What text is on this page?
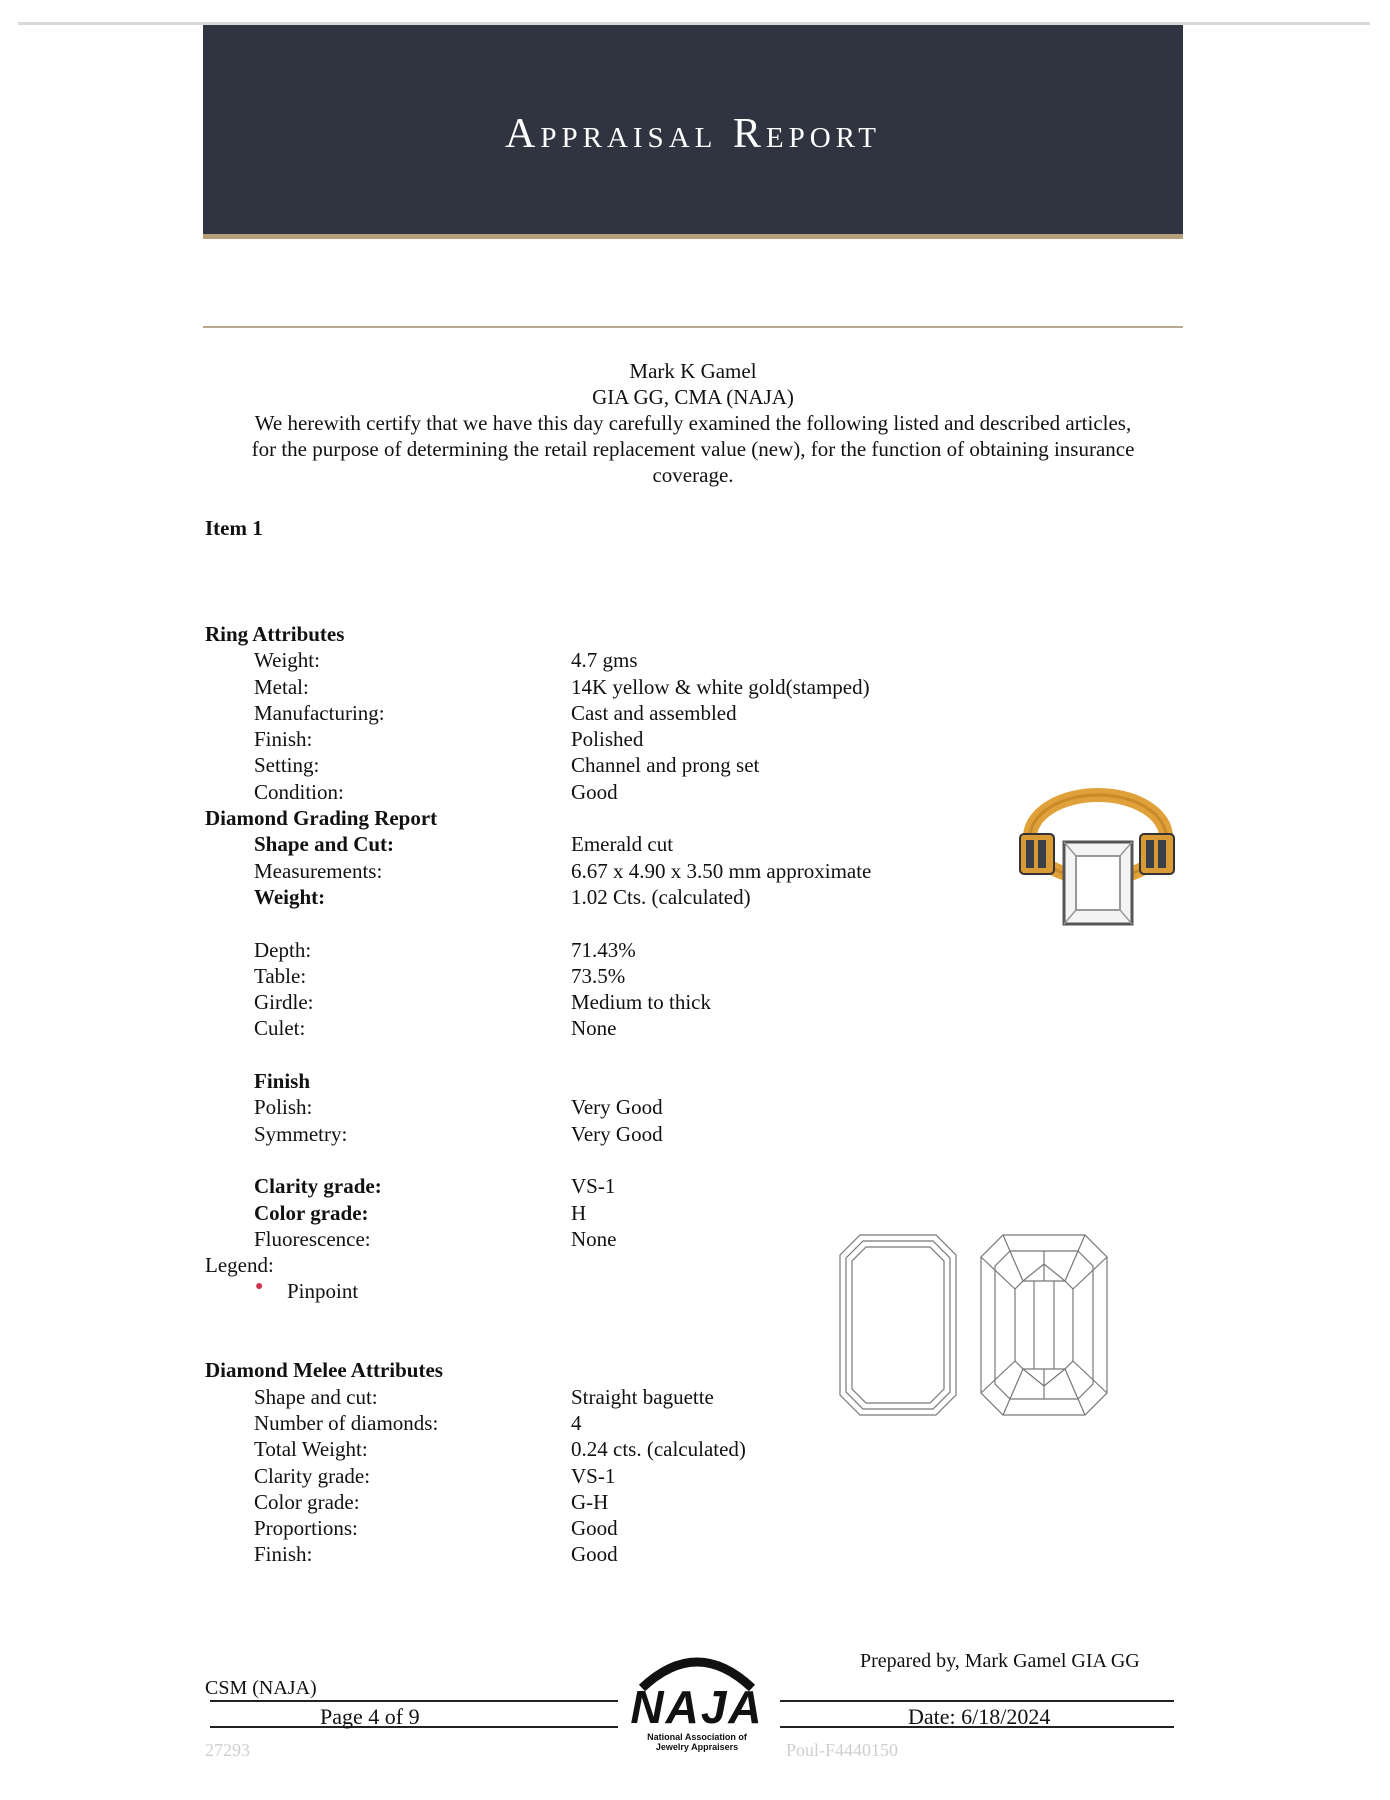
Appraisal Report
Mark K Gamel
GIA GG, CMA (NAJA)
We herewith certify that we have this day carefully examined the following listed and described articles, for the purpose of determining the retail replacement value (new), for the function of obtaining insurance coverage.
Item 1
Ring Attributes
Weight:	4.7 gms
Metal:	14K yellow & white gold(stamped)
Manufacturing:	Cast and assembled
Finish:	Polished
Setting:	Channel and prong set
Condition:	Good
Diamond Grading Report
Shape and Cut:	Emerald cut
Measurements:	6.67 x 4.90 x 3.50 mm approximate
Weight:	1.02 Cts. (calculated)
Depth:	71.43%
Table:	73.5%
Girdle:	Medium to thick
Culet:	None
Finish
Polish:	Very Good
Symmetry:	Very Good
Clarity grade:	VS-1
Color grade:	H
Fluorescence:	None
Legend:
● Pinpoint
Diamond Melee Attributes
Shape and cut:	Straight baguette
Number of diamonds:	4
Total Weight:	0.24 cts. (calculated)
Clarity grade:	VS-1
Color grade:	G-H
Proportions:	Good
Finish:	Good
Prepared by, Mark Gamel GIA GG
CSM (NAJA)
Page 4 of 9	Date: 6/18/2024
27293	Poul-F4440150
NAJA
National Association of
Jewelry Appraisers
